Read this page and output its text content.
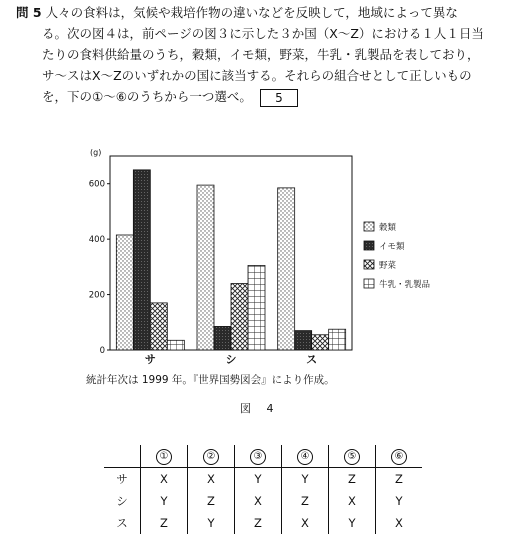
問 5 人々の食料は，気候や栽培作物の違いなどを反映して，地域によって異な
る。次の図４は，前ページの図３に示した３か国（X～Z）における１人１日当
たりの食料供給量のうち，穀類，イモ類，野菜，牛乳・乳製品を表しており，
サ～スはX～Zのいずれかの国に該当する。それらの組合せとして正しいもの
を，下の①～⑥のうちから一つ選べ。 5
(g)
0
200
400
600
サ	シ	ス
穀類
イモ類
野菜
牛乳・乳製品
統計年次は 1999 年。『世界国勢図会』により作成。
図 4
	①	②	③	④	⑤	⑥
サ	X	X	Y	Y	Z	Z
シ	Y	Z	X	Z	X	Y
ス	Z	Y	Z	X	Y	X
